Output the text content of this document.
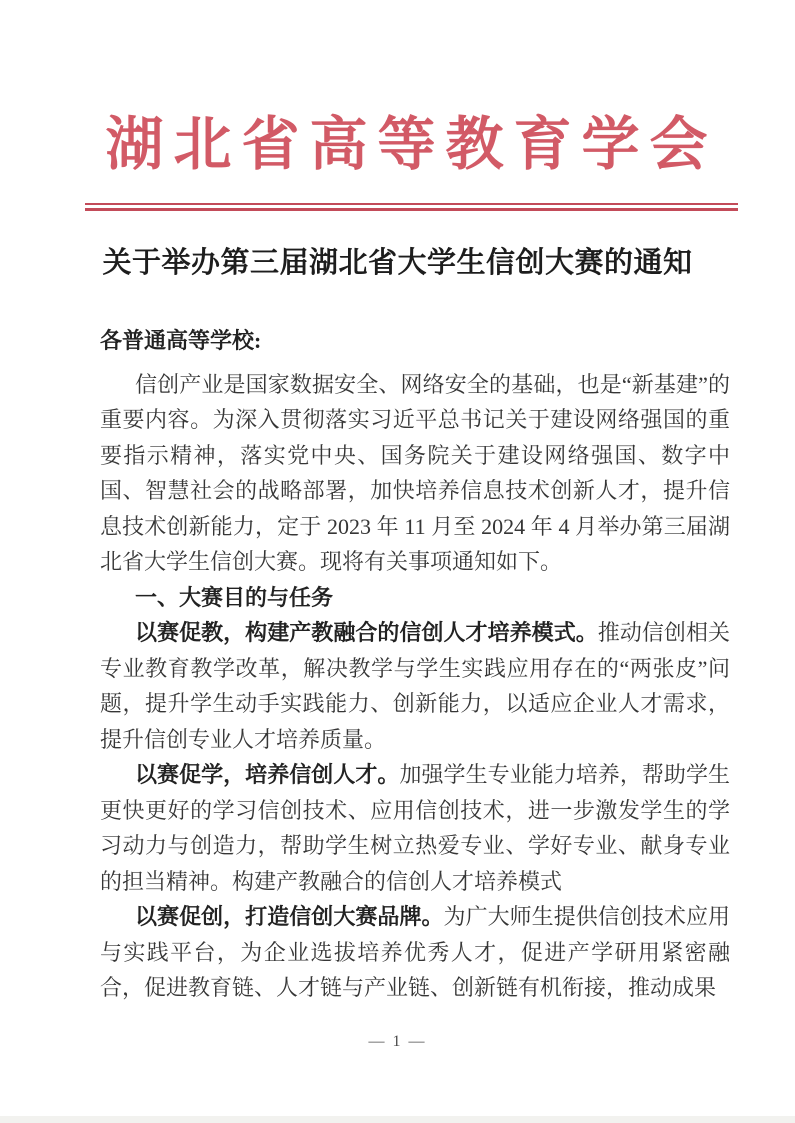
湖北省高等教育学会
关于举办第三届湖北省大学生信创大赛的通知

各普通高等学校:

信创产业是国家数据安全、网络安全的基础，也是“新基建”的重要内容。为深入贯彻落实习近平总书记关于建设网络强国的重要指示精神，落实党中央、国务院关于建设网络强国、数字中国、智慧社会的战略部署，加快培养信息技术创新人才，提升信息技术创新能力，定于 2023 年 11 月至 2024 年 4 月举办第三届湖北省大学生信创大赛。现将有关事项通知如下。

一、大赛目的与任务

以赛促教，构建产教融合的信创人才培养模式。推动信创相关专业教育教学改革，解决教学与学生实践应用存在的“两张皮”问题，提升学生动手实践能力、创新能力，以适应企业人才需求，提升信创专业人才培养质量。

以赛促学，培养信创人才。加强学生专业能力培养，帮助学生更快更好的学习信创技术、应用信创技术，进一步激发学生的学习动力与创造力，帮助学生树立热爱专业、学好专业、献身专业的担当精神。构建产教融合的信创人才培养模式

以赛促创，打造信创大赛品牌。为广大师生提供信创技术应用与实践平台，为企业选拔培养优秀人才，促进产学研用紧密融合，促进教育链、人才链与产业链、创新链有机衔接，推动成果

— 1 —
